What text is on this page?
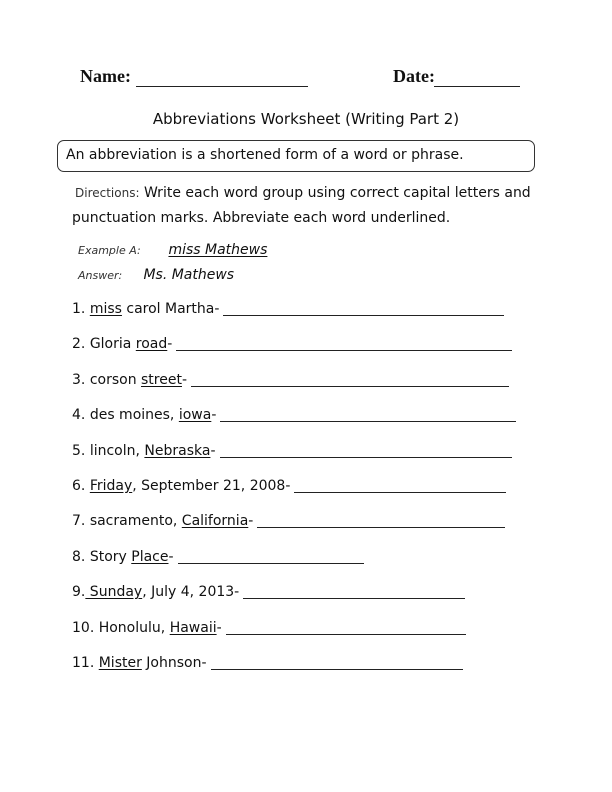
Name:	Date:
Abbreviations Worksheet (Writing Part 2)
An abbreviation is a shortened form of a word or phrase.
Directions: Write each word group using correct capital letters and punctuation marks. Abbreviate each word underlined.
Example A: miss Mathews
Answer: Ms. Mathews
1. miss carol Martha-
2. Gloria road -
3. corson street -
4. des moines, iowa -
5. lincoln, Nebraska -
6. Friday , September 21, 2008-
7. sacramento, California -
8. Story Place -
9. Sunday , July 4, 2013-
10. Honolulu, Hawaii -
11. Mister Johnson-
